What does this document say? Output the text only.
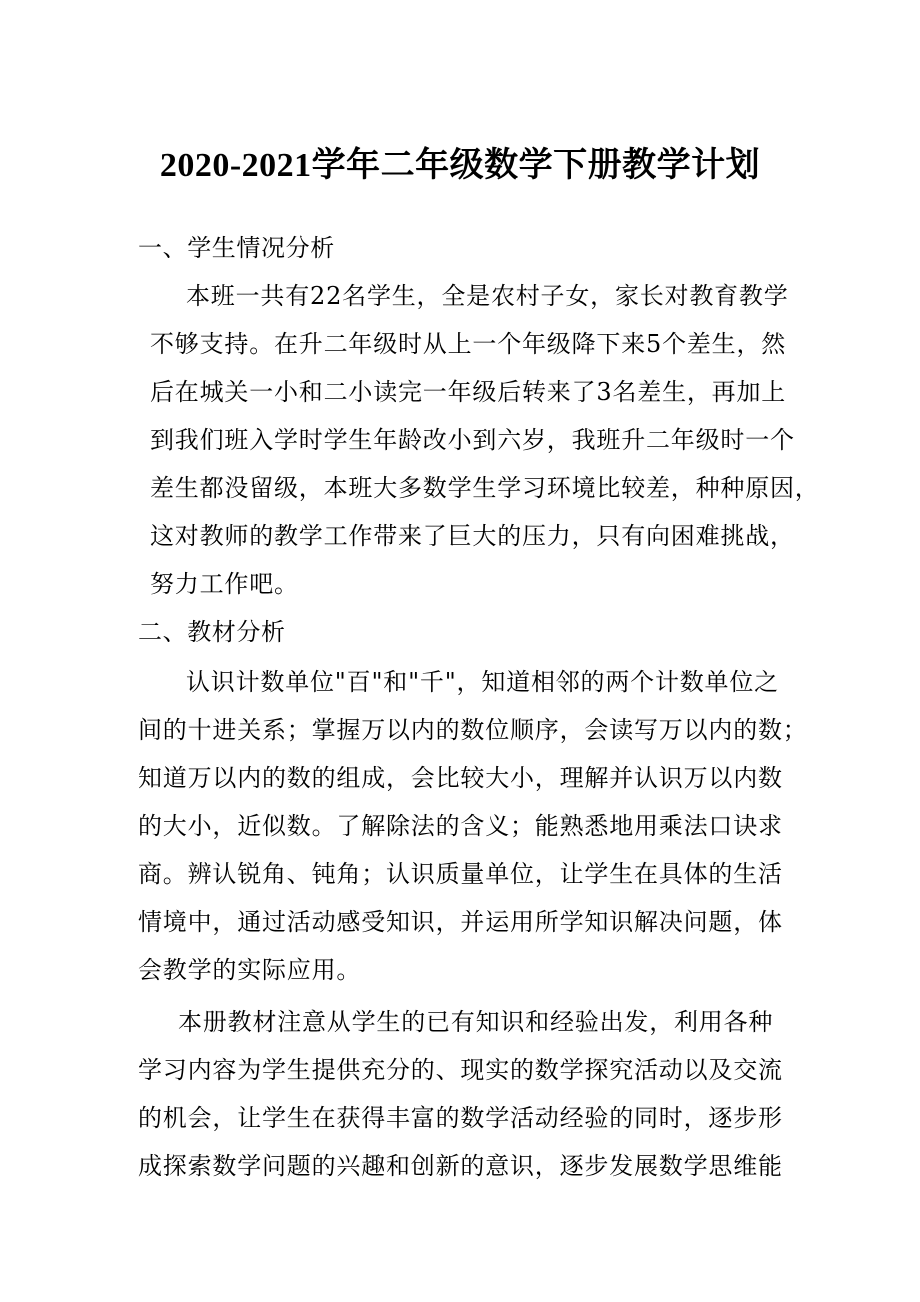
2020-2021学年二年级数学下册教学计划
一、学生情况分析
本班一共有22名学生，全是农村子女，家长对教育教学
不够支持。在升二年级时从上一个年级降下来5个差生，然
后在城关一小和二小读完一年级后转来了3名差生，再加上
到我们班入学时学生年龄改小到六岁，我班升二年级时一个
差生都没留级，本班大多数学生学习环境比较差，种种原因，
这对教师的教学工作带来了巨大的压力，只有向困难挑战，
努力工作吧。
二、教材分析
认识计数单位"百"和"千"，知道相邻的两个计数单位之
间的十进关系；掌握万以内的数位顺序，会读写万以内的数；
知道万以内的数的组成，会比较大小，理解并认识万以内数
的大小，近似数。了解除法的含义；能熟悉地用乘法口诀求
商。辨认锐角、钝角；认识质量单位，让学生在具体的生活
情境中，通过活动感受知识，并运用所学知识解决问题，体
会教学的实际应用。
本册教材注意从学生的已有知识和经验出发，利用各种
学习内容为学生提供充分的、现实的数学探究活动以及交流
的机会，让学生在获得丰富的数学活动经验的同时，逐步形
成探索数学问题的兴趣和创新的意识，逐步发展数学思维能
